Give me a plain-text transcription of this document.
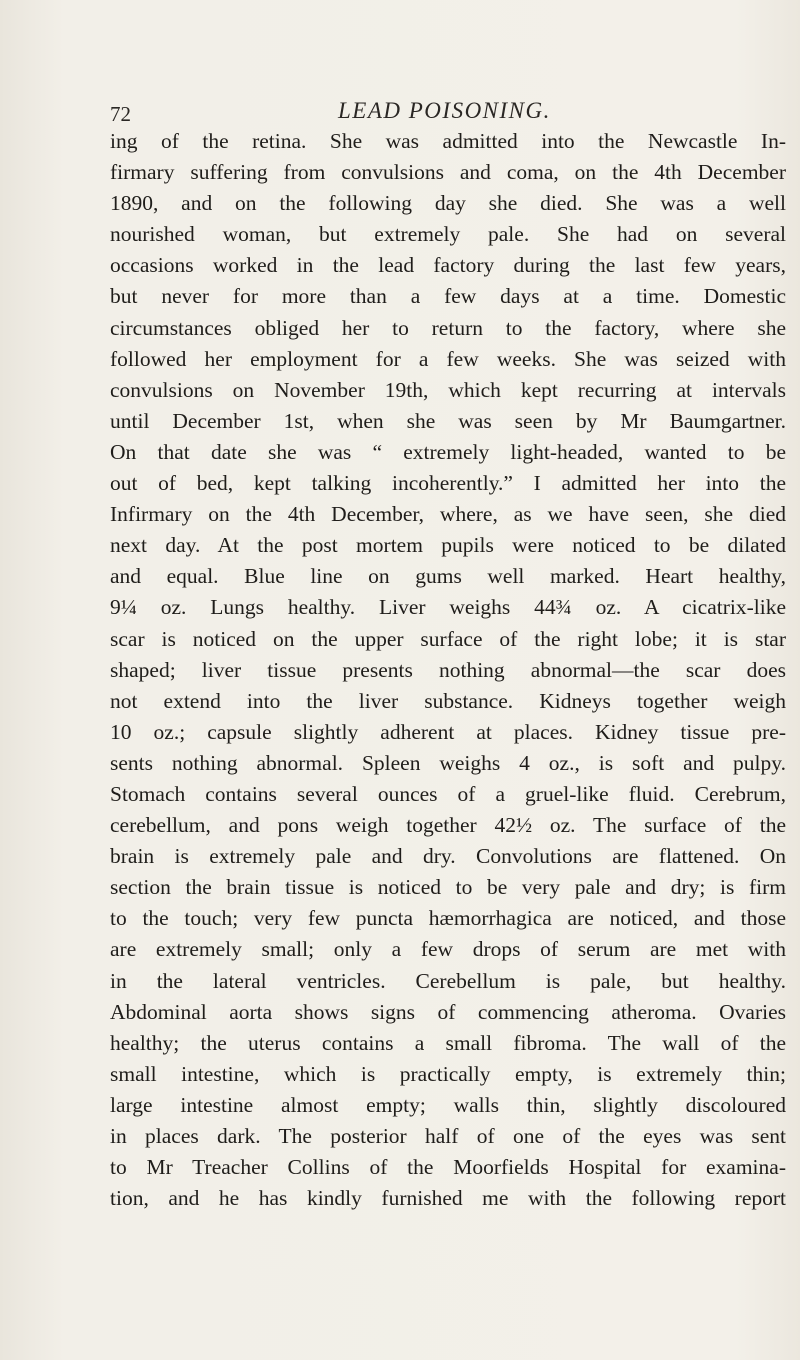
72	LEAD POISONING.
ing of the retina. She was admitted into the Newcastle In-
firmary suffering from convulsions and coma, on the 4th December
1890, and on the following day she died. She was a well
nourished woman, but extremely pale. She had on several
occasions worked in the lead factory during the last few years,
but never for more than a few days at a time. Domestic
circumstances obliged her to return to the factory, where she
followed her employment for a few weeks. She was seized with
convulsions on November 19th, which kept recurring at intervals
until December 1st, when she was seen by Mr Baumgartner.
On that date she was “ extremely light-headed, wanted to be
out of bed, kept talking incoherently.” I admitted her into the
Infirmary on the 4th December, where, as we have seen, she died
next day. At the post mortem pupils were noticed to be dilated
and equal. Blue line on gums well marked. Heart healthy,
9¼ oz. Lungs healthy. Liver weighs 44¾ oz. A cicatrix-like
scar is noticed on the upper surface of the right lobe; it is star
shaped; liver tissue presents nothing abnormal—the scar does
not extend into the liver substance. Kidneys together weigh
10 oz.; capsule slightly adherent at places. Kidney tissue pre-
sents nothing abnormal. Spleen weighs 4 oz., is soft and pulpy.
Stomach contains several ounces of a gruel-like fluid. Cerebrum,
cerebellum, and pons weigh together 42½ oz. The surface of the
brain is extremely pale and dry. Convolutions are flattened. On
section the brain tissue is noticed to be very pale and dry; is firm
to the touch; very few puncta hæmorrhagica are noticed, and those
are extremely small; only a few drops of serum are met with
in the lateral ventricles. Cerebellum is pale, but healthy.
Abdominal aorta shows signs of commencing atheroma. Ovaries
healthy; the uterus contains a small fibroma. The wall of the
small intestine, which is practically empty, is extremely thin;
large intestine almost empty; walls thin, slightly discoloured
in places dark. The posterior half of one of the eyes was sent
to Mr Treacher Collins of the Moorfields Hospital for examina-
tion, and he has kindly furnished me with the following report
